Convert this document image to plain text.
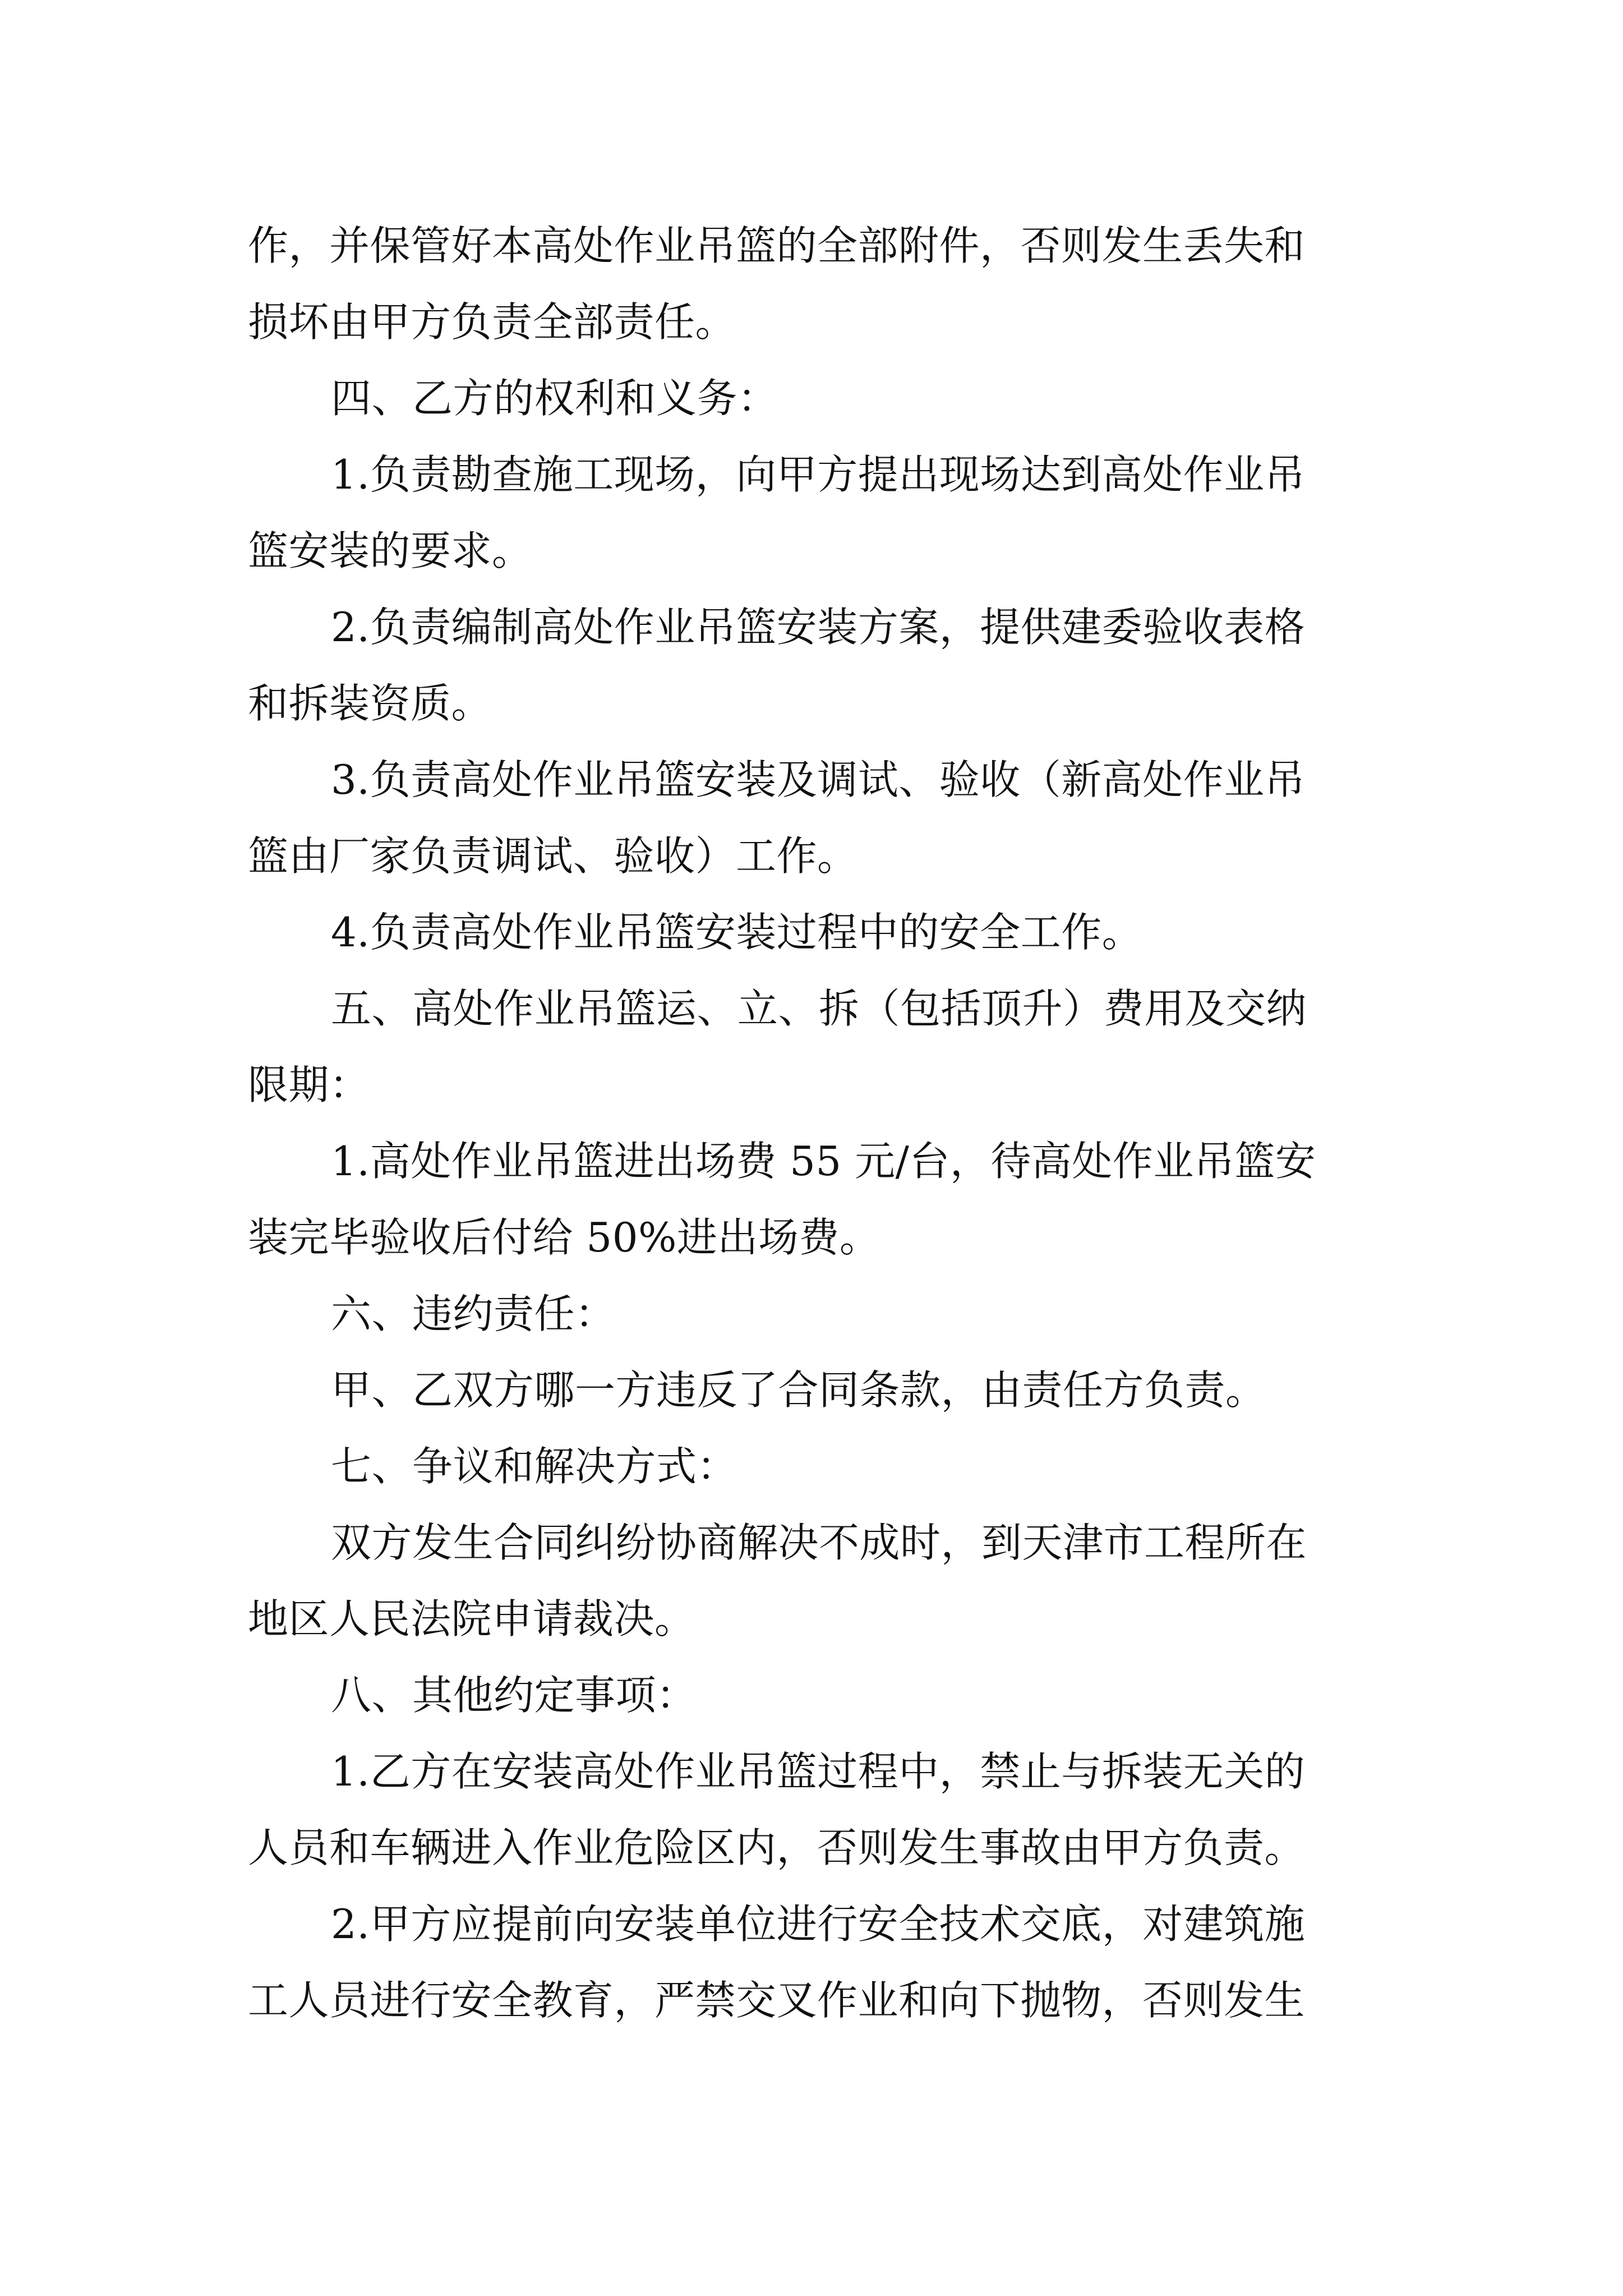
作，并保管好本高处作业吊篮的全部附件，否则发生丢失和
损坏由甲方负责全部责任。
四、乙方的权利和义务：
1.负责勘查施工现场，向甲方提出现场达到高处作业吊
篮安装的要求。
2.负责编制高处作业吊篮安装方案，提供建委验收表格
和拆装资质。
3.负责高处作业吊篮安装及调试、验收（新高处作业吊
篮由厂家负责调试、验收）工作。
4.负责高处作业吊篮安装过程中的安全工作。
五、高处作业吊篮运、立、拆（包括顶升）费用及交纳
限期：
1.高处作业吊篮进出场费 55 元/台，待高处作业吊篮安
装完毕验收后付给 50%进出场费。
六、违约责任：
甲、乙双方哪一方违反了合同条款，由责任方负责。
七、争议和解决方式：
双方发生合同纠纷协商解决不成时，到天津市工程所在
地区人民法院申请裁决。
八、其他约定事项：
1.乙方在安装高处作业吊篮过程中，禁止与拆装无关的
人员和车辆进入作业危险区内，否则发生事故由甲方负责。
2.甲方应提前向安装单位进行安全技术交底，对建筑施
工人员进行安全教育，严禁交叉作业和向下抛物，否则发生
